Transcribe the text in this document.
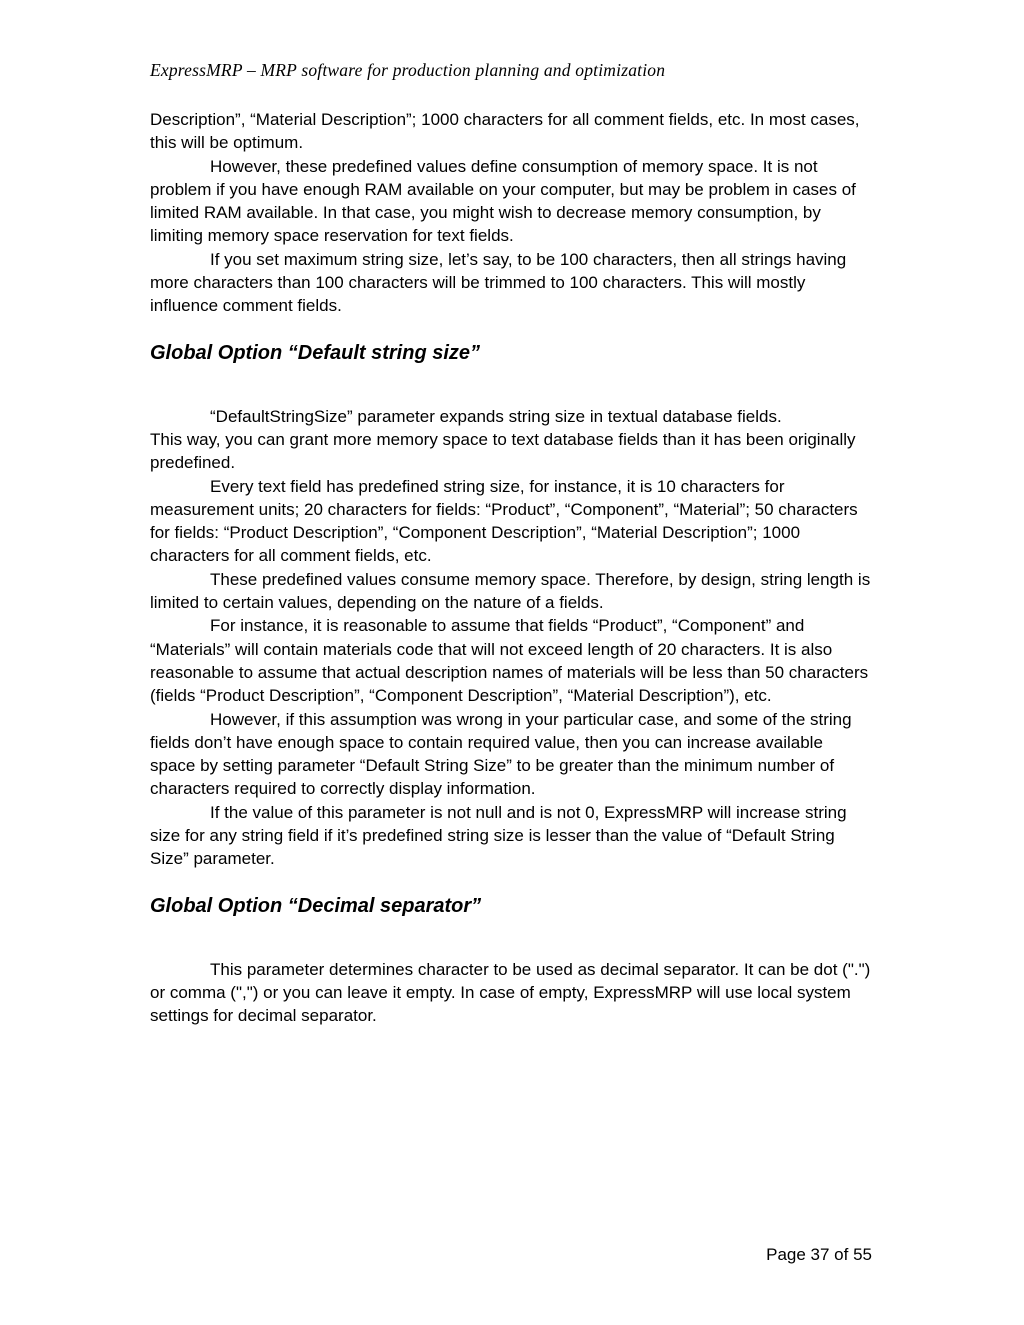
ExpressMRP – MRP software for production planning and optimization

Description”, “Material Description”; 1000 characters for all comment fields, etc. In most cases, this will be optimum.

However, these predefined values define consumption of memory space. It is not problem if you have enough RAM available on your computer, but may be problem in cases of limited RAM available. In that case, you might wish to decrease memory consumption, by limiting memory space reservation for text fields.

If you set maximum string size, let’s say, to be 100 characters, then all strings having more characters than 100 characters will be trimmed to 100 characters. This will mostly influence comment fields.

Global Option “Default string size”

“DefaultStringSize” parameter expands string size in textual database fields.

This way, you can grant more memory space to text database fields than it has been originally predefined.

Every text field has predefined string size, for instance, it is 10 characters for measurement units; 20 characters for fields: “Product”, “Component”, “Material”; 50 characters for fields: “Product Description”, “Component Description”, “Material Description”; 1000 characters for all comment fields, etc.

These predefined values consume memory space. Therefore, by design, string length is limited to certain values, depending on the nature of a fields.

For instance, it is reasonable to assume that fields “Product”, “Component” and “Materials” will contain materials code that will not exceed length of 20 characters. It is also reasonable to assume that actual description names of materials will be less than 50 characters (fields “Product Description”, “Component Description”, “Material Description”), etc.

However, if this assumption was wrong in your particular case, and some of the string fields don’t have enough space to contain required value, then you can increase available space by setting parameter “Default String Size” to be greater than the minimum number of characters required to correctly display information.

If the value of this parameter is not null and is not 0, ExpressMRP will increase string size for any string field if it’s predefined string size is lesser than the value of “Default String Size” parameter.

Global Option “Decimal separator”

This parameter determines character to be used as decimal separator. It can be dot (".") or comma (",") or you can leave it empty. In case of empty, ExpressMRP will use local system settings for decimal separator.

Page 37 of 55
